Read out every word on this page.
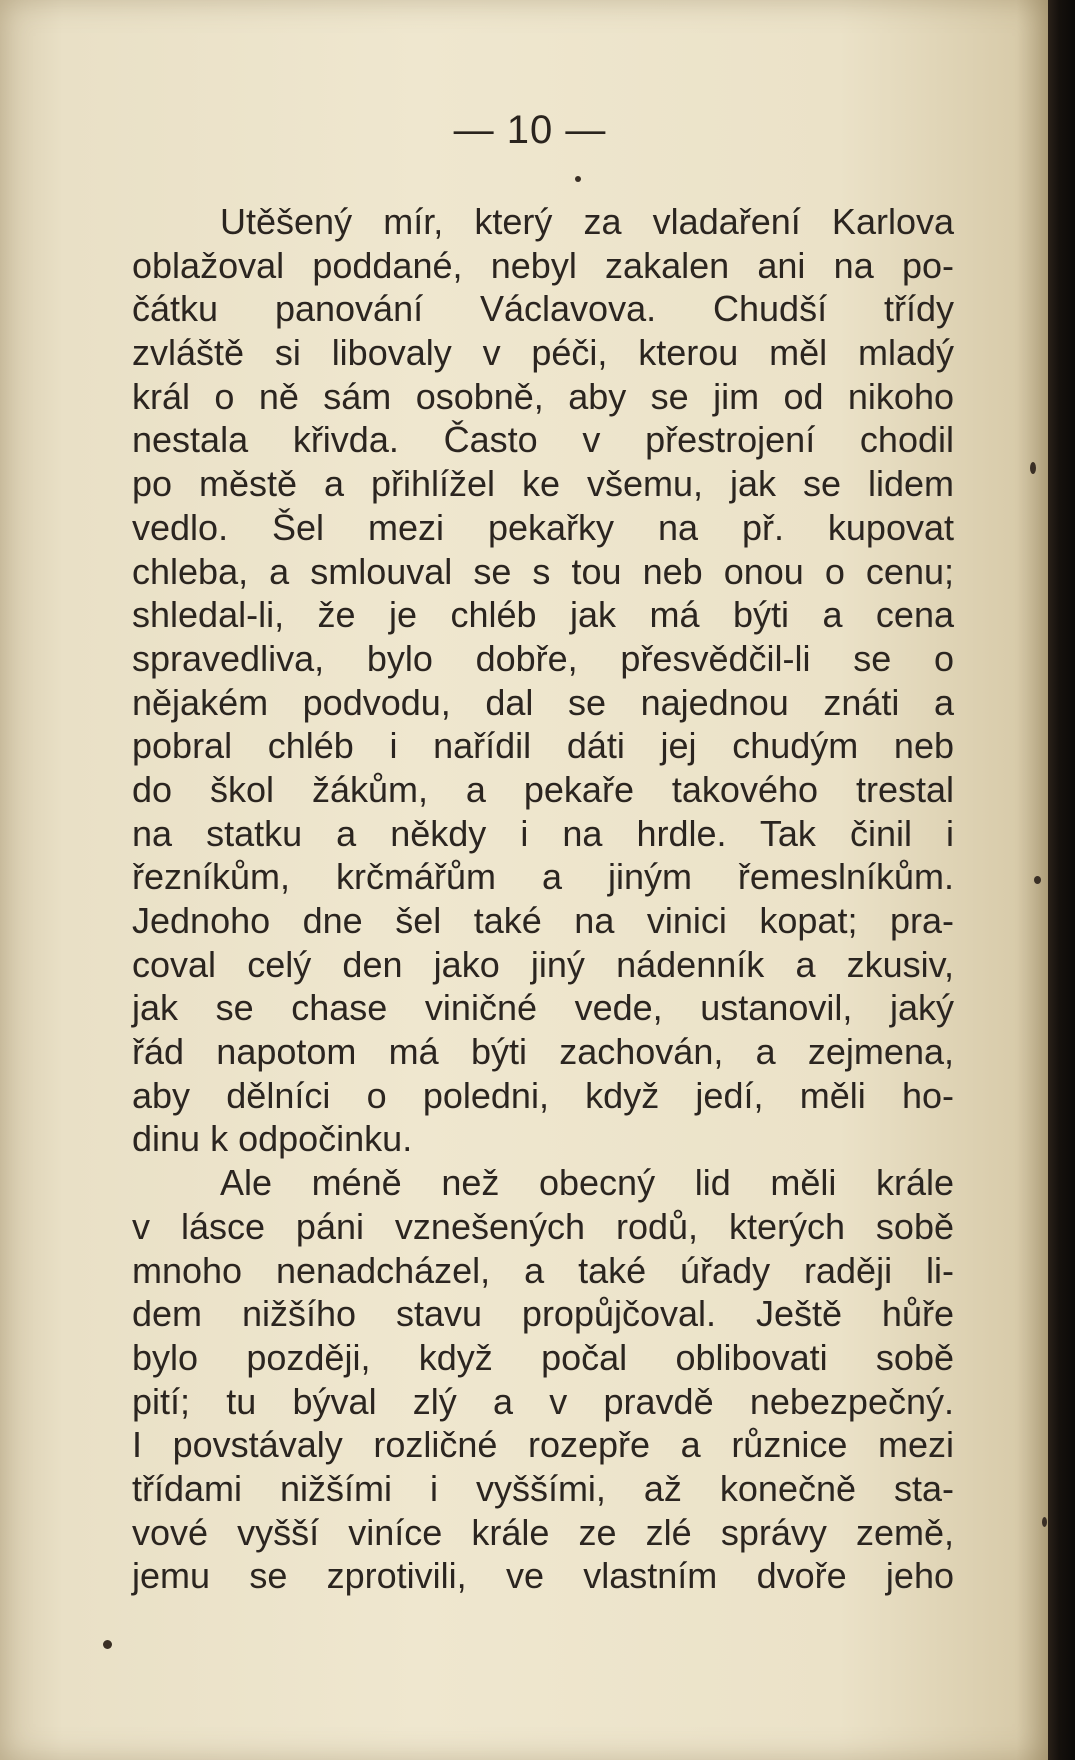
— 10 —
Utěšený mír, který za vladaření Karlova
oblažoval poddané, nebyl zakalen ani na po-
čátku panování Václavova. Chudší třídy
zvláště si libovaly v péči, kterou měl mladý
král o ně sám osobně, aby se jim od nikoho
nestala křivda. Často v přestrojení chodil
po městě a přihlížel ke všemu, jak se lidem
vedlo. Šel mezi pekařky na př. kupovat
chleba, a smlouval se s tou neb onou o cenu;
shledal-li, že je chléb jak má býti a cena
spravedliva, bylo dobře, přesvědčil-li se o
nějakém podvodu, dal se najednou znáti a
pobral chléb i nařídil dáti jej chudým neb
do škol žákům, a pekaře takového trestal
na statku a někdy i na hrdle. Tak činil i
řezníkům, krčmářům a jiným řemeslníkům.
Jednoho dne šel také na vinici kopat; pra-
coval celý den jako jiný nádenník a zkusiv,
jak se chase viničné vede, ustanovil, jaký
řád napotom má býti zachován, a zejmena,
aby dělníci o poledni, když jedí, měli ho-
dinu k odpočinku.
Ale méně než obecný lid měli krále
v lásce páni vznešených rodů, kterých sobě
mnoho nenadcházel, a také úřady raději li-
dem nižšího stavu propůjčoval. Ještě hůře
bylo později, když počal oblibovati sobě
pití; tu býval zlý a v pravdě nebezpečný.
I povstávaly rozličné rozepře a různice mezi
třídami nižšími i vyššími, až konečně sta-
vové vyšší viníce krále ze zlé správy země,
jemu se zprotivili, ve vlastním dvoře jeho
